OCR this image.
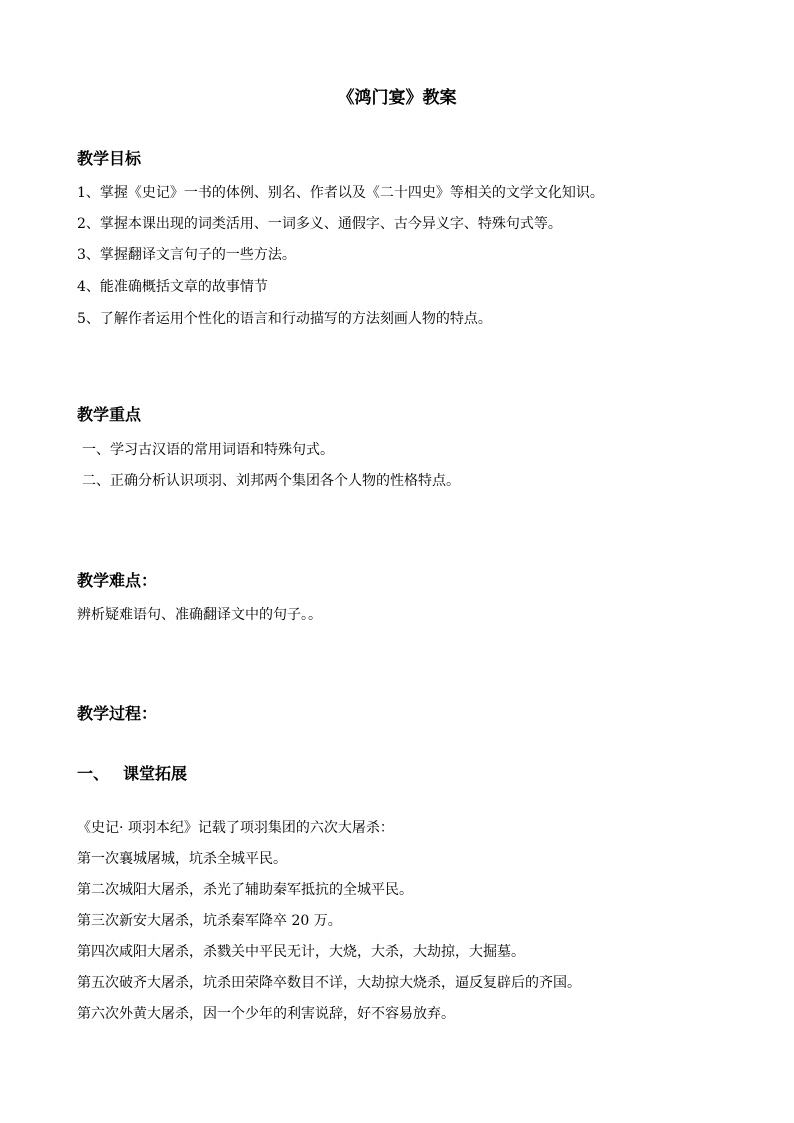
《鸿门宴》教案
教学目标
1、掌握《史记》一书的体例、别名、作者以及《二十四史》等相关的文学文化知识。
2、掌握本课出现的词类活用、一词多义、通假字、古今异义字、特殊句式等。
3、掌握翻译文言句子的一些方法。
4、能准确概括文章的故事情节
5、了解作者运用个性化的语言和行动描写的方法刻画人物的特点。
教学重点
一、学习古汉语的常用词语和特殊句式。
二、正确分析认识项羽、刘邦两个集团各个人物的性格特点。
教学难点：
辨析疑难语句、准确翻译文中的句子。。
教学过程：
一、 课堂拓展
《史记· 项羽本纪》记载了项羽集团的六次大屠杀：
第一次襄城屠城，坑杀全城平民。
第二次城阳大屠杀，杀光了辅助秦军抵抗的全城平民。
第三次新安大屠杀，坑杀秦军降卒 20 万。
第四次咸阳大屠杀，杀戮关中平民无计，大烧，大杀，大劫掠，大掘墓。
第五次破齐大屠杀，坑杀田荣降卒数目不详，大劫掠大烧杀，逼反复辟后的齐国。
第六次外黄大屠杀，因一个少年的利害说辞，好不容易放弃。
